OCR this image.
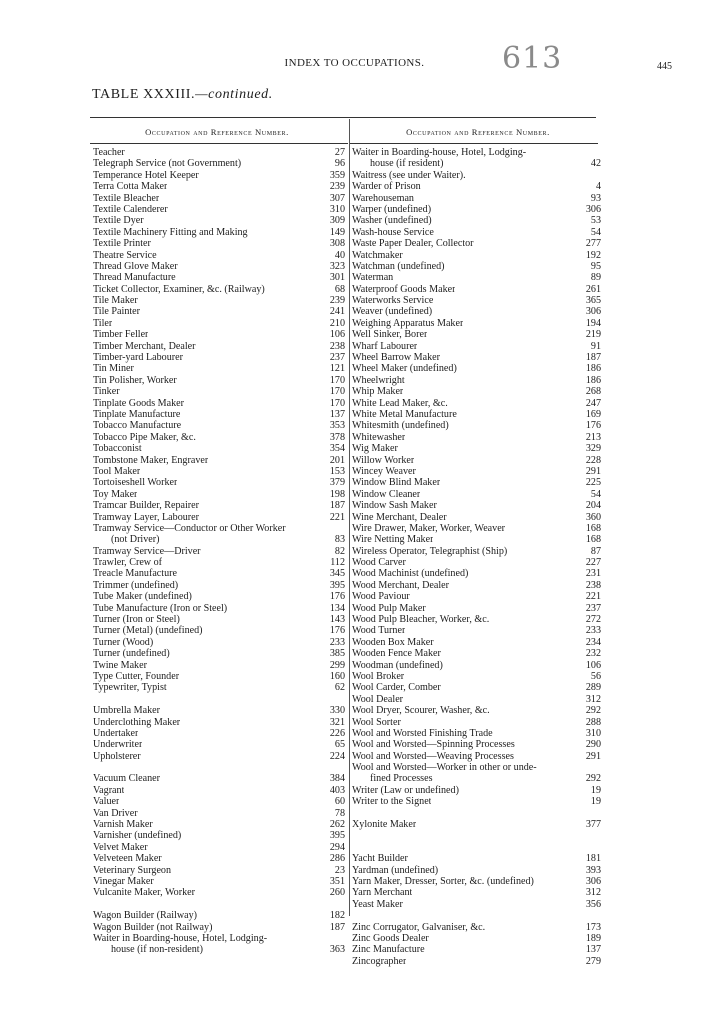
INDEX TO OCCUPATIONS.	613	445
TABLE XXXIII.—continued.
Occupation and Reference Number.	Occupation and Reference Number.
Teacher	27
Telegraph Service (not Government)	96
Temperance Hotel Keeper	359
Terra Cotta Maker	239
Textile Bleacher	307
Textile Calenderer	310
Textile Dyer	309
Textile Machinery Fitting and Making	149
Textile Printer	308
Theatre Service	40
Thread Glove Maker	323
Thread Manufacture	301
Ticket Collector, Examiner, &c. (Railway)	68
Tile Maker	239
Tile Painter	241
Tiler	210
Timber Feller	106
Timber Merchant, Dealer	238
Timber-yard Labourer	237
Tin Miner	121
Tin Polisher, Worker	170
Tinker	170
Tinplate Goods Maker	170
Tinplate Manufacture	137
Tobacco Manufacture	353
Tobacco Pipe Maker, &c.	378
Tobacconist	354
Tombstone Maker, Engraver	201
Tool Maker	153
Tortoiseshell Worker	379
Toy Maker	198
Tramcar Builder, Repairer	187
Tramway Layer, Labourer	221
Tramway Service—Conductor or Other Worker
(not Driver)	83
Tramway Service—Driver	82
Trawler, Crew of	112
Treacle Manufacture	345
Trimmer (undefined)	395
Tube Maker (undefined)	176
Tube Manufacture (Iron or Steel)	134
Turner (Iron or Steel)	143
Turner (Metal) (undefined)	176
Turner (Wood)	233
Turner (undefined)	385
Twine Maker	299
Type Cutter, Founder	160
Typewriter, Typist	62
Umbrella Maker	330
Underclothing Maker	321
Undertaker	226
Underwriter	65
Upholsterer	224
Vacuum Cleaner	384
Vagrant	403
Valuer	60
Van Driver	78
Varnish Maker	262
Varnisher (undefined)	395
Velvet Maker	294
Velveteen Maker	286
Veterinary Surgeon	23
Vinegar Maker	351
Vulcanite Maker, Worker	260
Wagon Builder (Railway)	182
Wagon Builder (not Railway)	187
Waiter in Boarding-house, Hotel, Lodging-
house (if non-resident)	363
Waiter in Boarding-house, Hotel, Lodging-
house (if resident)	42
Waitress (see under Waiter).
Warder of Prison	4
Warehouseman	93
Warper (undefined)	306
Washer (undefined)	53
Wash-house Service	54
Waste Paper Dealer, Collector	277
Watchmaker	192
Watchman (undefined)	95
Waterman	89
Waterproof Goods Maker	261
Waterworks Service	365
Weaver (undefined)	306
Weighing Apparatus Maker	194
Well Sinker, Borer	219
Wharf Labourer	91
Wheel Barrow Maker	187
Wheel Maker (undefined)	186
Wheelwright	186
Whip Maker	268
White Lead Maker, &c.	247
White Metal Manufacture	169
Whitesmith (undefined)	176
Whitewasher	213
Wig Maker	329
Willow Worker	228
Wincey Weaver	291
Window Blind Maker	225
Window Cleaner	54
Window Sash Maker	204
Wine Merchant, Dealer	360
Wire Drawer, Maker, Worker, Weaver	168
Wire Netting Maker	168
Wireless Operator, Telegraphist (Ship)	87
Wood Carver	227
Wood Machinist (undefined)	231
Wood Merchant, Dealer	238
Wood Paviour	221
Wood Pulp Maker	237
Wood Pulp Bleacher, Worker, &c.	272
Wood Turner	233
Wooden Box Maker	234
Wooden Fence Maker	232
Woodman (undefined)	106
Wool Broker	56
Wool Carder, Comber	289
Wool Dealer	312
Wool Dryer, Scourer, Washer, &c.	292
Wool Sorter	288
Wool and Worsted Finishing Trade	310
Wool and Worsted—Spinning Processes	290
Wool and Worsted—Weaving Processes	291
Wool and Worsted—Worker in other or unde-
fined Processes	292
Writer (Law or undefined)	19
Writer to the Signet	19
Xylonite Maker	377
Yacht Builder	181
Yardman (undefined)	393
Yarn Maker, Dresser, Sorter, &c. (undefined)	306
Yarn Merchant	312
Yeast Maker	356
Zinc Corrugator, Galvaniser, &c.	173
Zinc Goods Dealer	189
Zinc Manufacture	137
Zincographer	279
